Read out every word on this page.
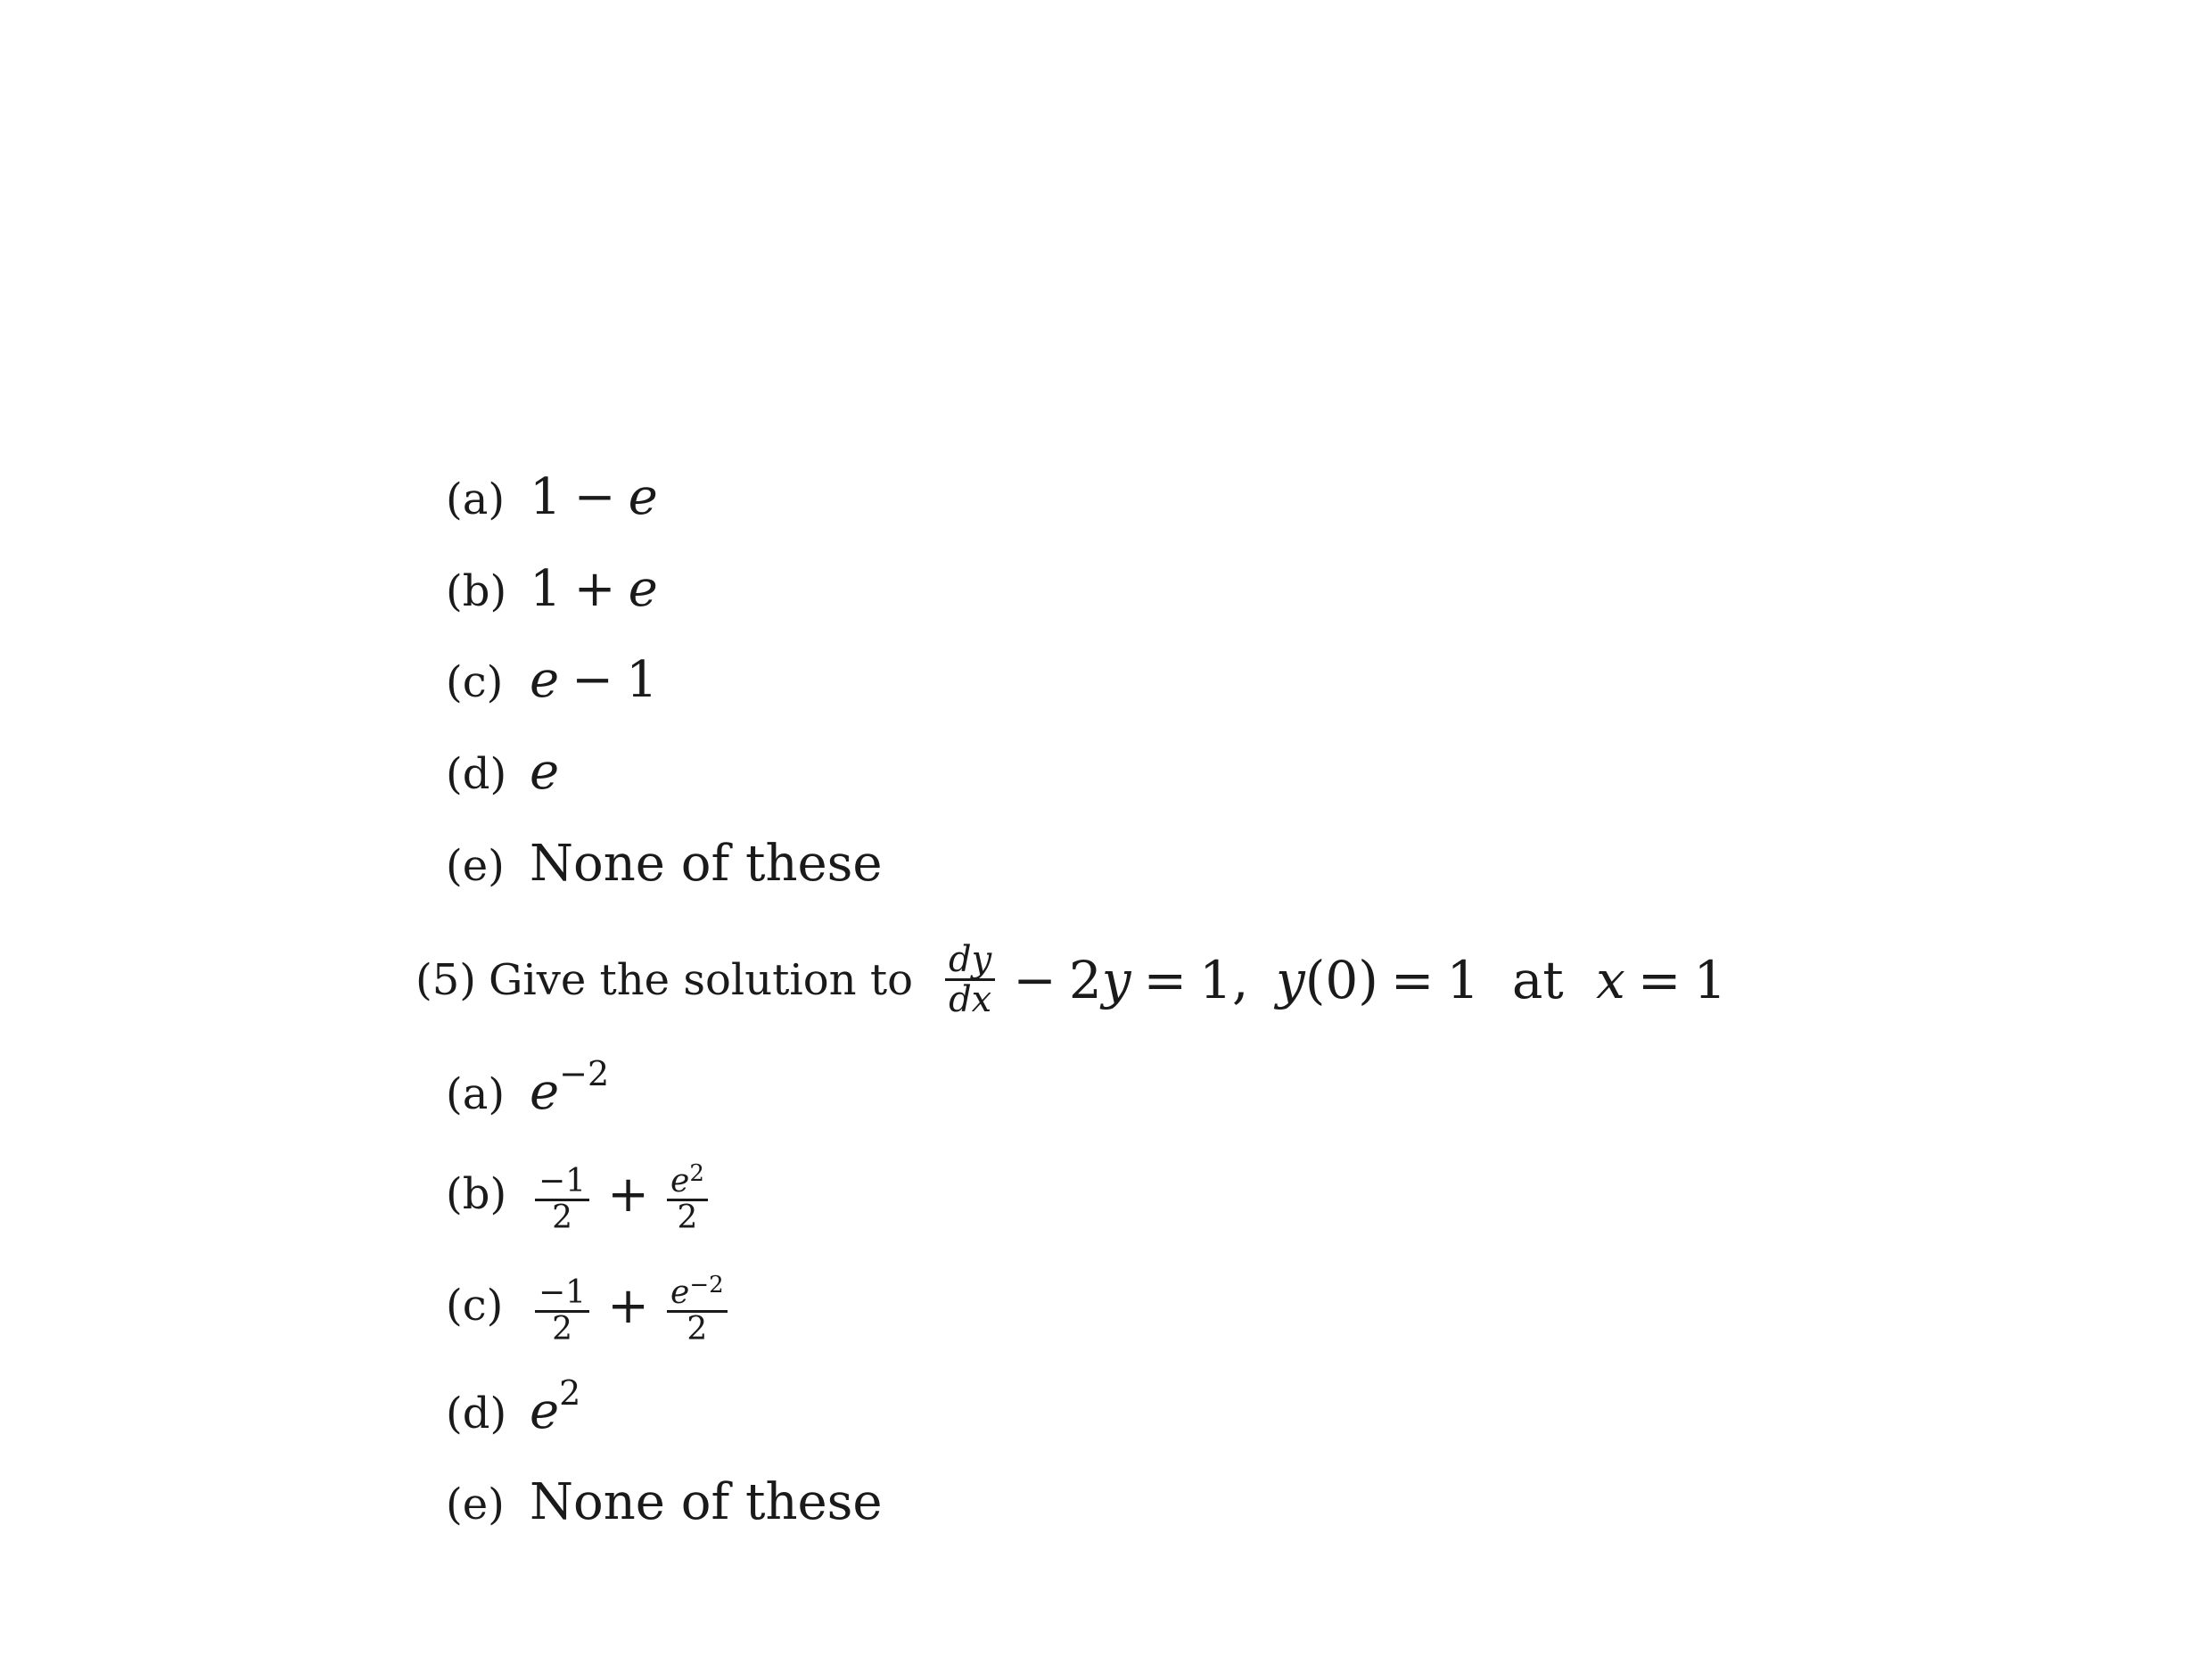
(a) 1 − e
(b) 1 + e
(c) e − 1
(d) e
(e) None of these
(5) Give the solution to $\frac{dy}{dx} - 2y = 1$, y(0) = 1 at x = 1
(a) $e^{-2}$
$(b) \frac{-1}{2} + \frac{e^2}{2}$
$(c) \frac{-1}{2} + \frac{e^{-2}}{2}$
(d) $e^2$
(e) None of these
